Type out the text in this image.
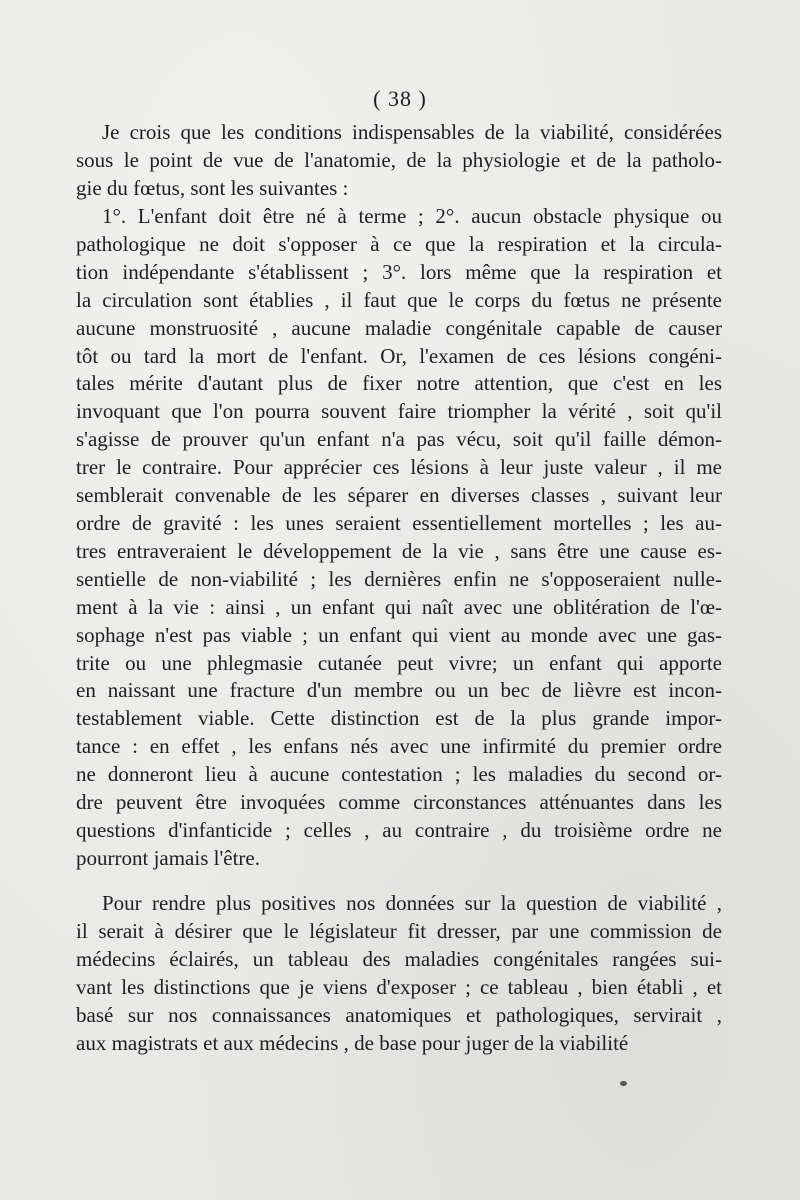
( 38 )
Je crois que les conditions indispensables de la viabilité, considérées
sous le point de vue de l'anatomie, de la physiologie et de la patholo-
gie du fœtus, sont les suivantes :
1°. L'enfant doit être né à terme ; 2°. aucun obstacle physique ou
pathologique ne doit s'opposer à ce que la respiration et la circula-
tion indépendante s'établissent ; 3°. lors même que la respiration et
la circulation sont établies , il faut que le corps du fœtus ne présente
aucune monstruosité , aucune maladie congénitale capable de causer
tôt ou tard la mort de l'enfant. Or, l'examen de ces lésions congéni-
tales mérite d'autant plus de fixer notre attention, que c'est en les
invoquant que l'on pourra souvent faire triompher la vérité , soit qu'il
s'agisse de prouver qu'un enfant n'a pas vécu, soit qu'il faille démon-
trer le contraire. Pour apprécier ces lésions à leur juste valeur , il me
semblerait convenable de les séparer en diverses classes , suivant leur
ordre de gravité : les unes seraient essentiellement mortelles ; les au-
tres entraveraient le développement de la vie , sans être une cause es-
sentielle de non-viabilité ; les dernières enfin ne s'opposeraient nulle-
ment à la vie : ainsi , un enfant qui naît avec une oblitération de l'œ-
sophage n'est pas viable ; un enfant qui vient au monde avec une gas-
trite ou une phlegmasie cutanée peut vivre; un enfant qui apporte
en naissant une fracture d'un membre ou un bec de lièvre est incon-
testablement viable. Cette distinction est de la plus grande impor-
tance : en effet , les enfans nés avec une infirmité du premier ordre
ne donneront lieu à aucune contestation ; les maladies du second or-
dre peuvent être invoquées comme circonstances atténuantes dans les
questions d'infanticide ; celles , au contraire , du troisième ordre ne
pourront jamais l'être.
Pour rendre plus positives nos données sur la question de viabilité ,
il serait à désirer que le législateur fit dresser, par une commission de
médecins éclairés, un tableau des maladies congénitales rangées sui-
vant les distinctions que je viens d'exposer ; ce tableau , bien établi , et
basé sur nos connaissances anatomiques et pathologiques, servirait ,
aux magistrats et aux médecins , de base pour juger de la viabilité
